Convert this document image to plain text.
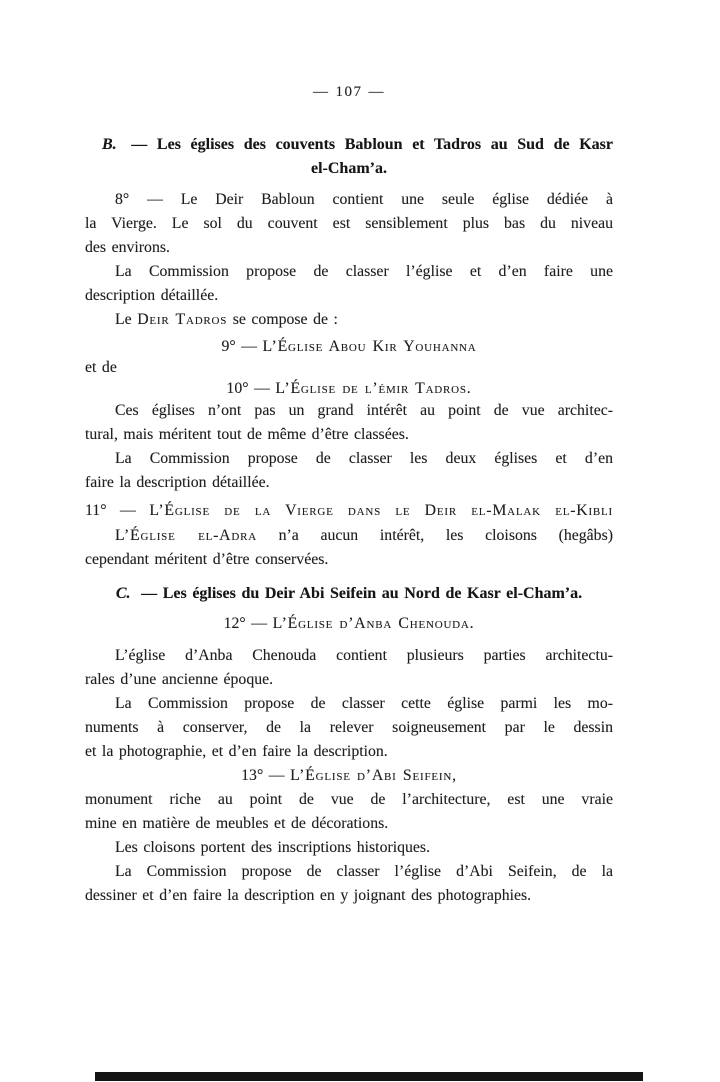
— 107 —
B. — Les églises des couvents Babloun et Tadros au Sud de Kasr
el-Cham’a.
8° — Le Deir Babloun contient une seule église dédiée à
la Vierge. Le sol du couvent est sensiblement plus bas du niveau
des environs.
La Commission propose de classer l’église et d’en faire une
description détaillée.
Le Deir Tadros se compose de :
9° — L’Église Abou Kir Youhanna
et de
10° — L’Église de l’émir Tadros.
Ces églises n’ont pas un grand intérêt au point de vue architec-
tural, mais méritent tout de même d’être classées.
La Commission propose de classer les deux églises et d’en
faire la description détaillée.
11° — L’Église de la Vierge dans le Deir el-Malak el-Kibli
L’Église el-Adra n’a aucun intérêt, les cloisons (hegâbs)
cependant méritent d’être conservées.
C. — Les églises du Deir Abi Seifein au Nord de Kasr el-Cham’a.
12° — L’Église d’Anba Chenouda.
L’église d’Anba Chenouda contient plusieurs parties architectu-
rales d’une ancienne époque.
La Commission propose de classer cette église parmi les mo-
numents à conserver, de la relever soigneusement par le dessin
et la photographie, et d’en faire la description.
13° — L’Église d’Abi Seifein,
monument riche au point de vue de l’architecture, est une vraie
mine en matière de meubles et de décorations.
Les cloisons portent des inscriptions historiques.
La Commission propose de classer l’église d’Abi Seifein, de la
dessiner et d’en faire la description en y joignant des photographies.
